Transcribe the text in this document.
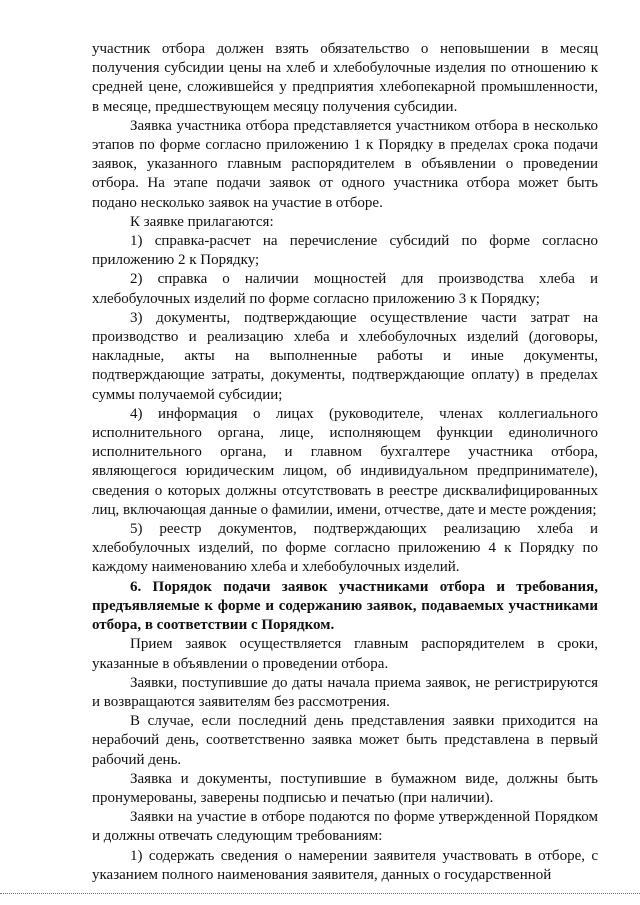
участник отбора должен взять обязательство о неповышении в месяц получения субсидии цены на хлеб и хлебобулочные изделия по отношению к средней цене, сложившейся у предприятия хлебопекарной промышленности, в месяце, предшествующем месяцу получения субсидии.

Заявка участника отбора представляется участником отбора в несколько этапов по форме согласно приложению 1 к Порядку в пределах срока подачи заявок, указанного главным распорядителем в объявлении о проведении отбора. На этапе подачи заявок от одного участника отбора может быть подано несколько заявок на участие в отборе.

К заявке прилагаются:

1) справка-расчет на перечисление субсидий по форме согласно приложению 2 к Порядку;

2) справка о наличии мощностей для производства хлеба и хлебобулочных изделий по форме согласно приложению 3 к Порядку;

3) документы, подтверждающие осуществление части затрат на производство и реализацию хлеба и хлебобулочных изделий (договоры, накладные, акты на выполненные работы и иные документы, подтверждающие затраты, документы, подтверждающие оплату) в пределах суммы получаемой субсидии;

4) информация о лицах (руководителе, членах коллегиального исполнительного органа, лице, исполняющем функции единоличного исполнительного органа, и главном бухгалтере участника отбора, являющегося юридическим лицом, об индивидуальном предпринимателе), сведения о которых должны отсутствовать в реестре дисквалифицированных лиц, включающая данные о фамилии, имени, отчестве, дате и месте рождения;

5) реестр документов, подтверждающих реализацию хлеба и хлебобулочных изделий, по форме согласно приложению 4 к Порядку по каждому наименованию хлеба и хлебобулочных изделий.

6. Порядок подачи заявок участниками отбора и требования, предъявляемые к форме и содержанию заявок, подаваемых участниками отбора, в соответствии с Порядком.

Прием заявок осуществляется главным распорядителем в сроки, указанные в объявлении о проведении отбора.

Заявки, поступившие до даты начала приема заявок, не регистрируются и возвращаются заявителям без рассмотрения.

В случае, если последний день представления заявки приходится на нерабочий день, соответственно заявка может быть представлена в первый рабочий день.

Заявка и документы, поступившие в бумажном виде, должны быть пронумерованы, заверены подписью и печатью (при наличии).

Заявки на участие в отборе подаются по форме утвержденной Порядком и должны отвечать следующим требованиям:

1) содержать сведения о намерении заявителя участвовать в отборе, с указанием полного наименования заявителя, данных о государственной
